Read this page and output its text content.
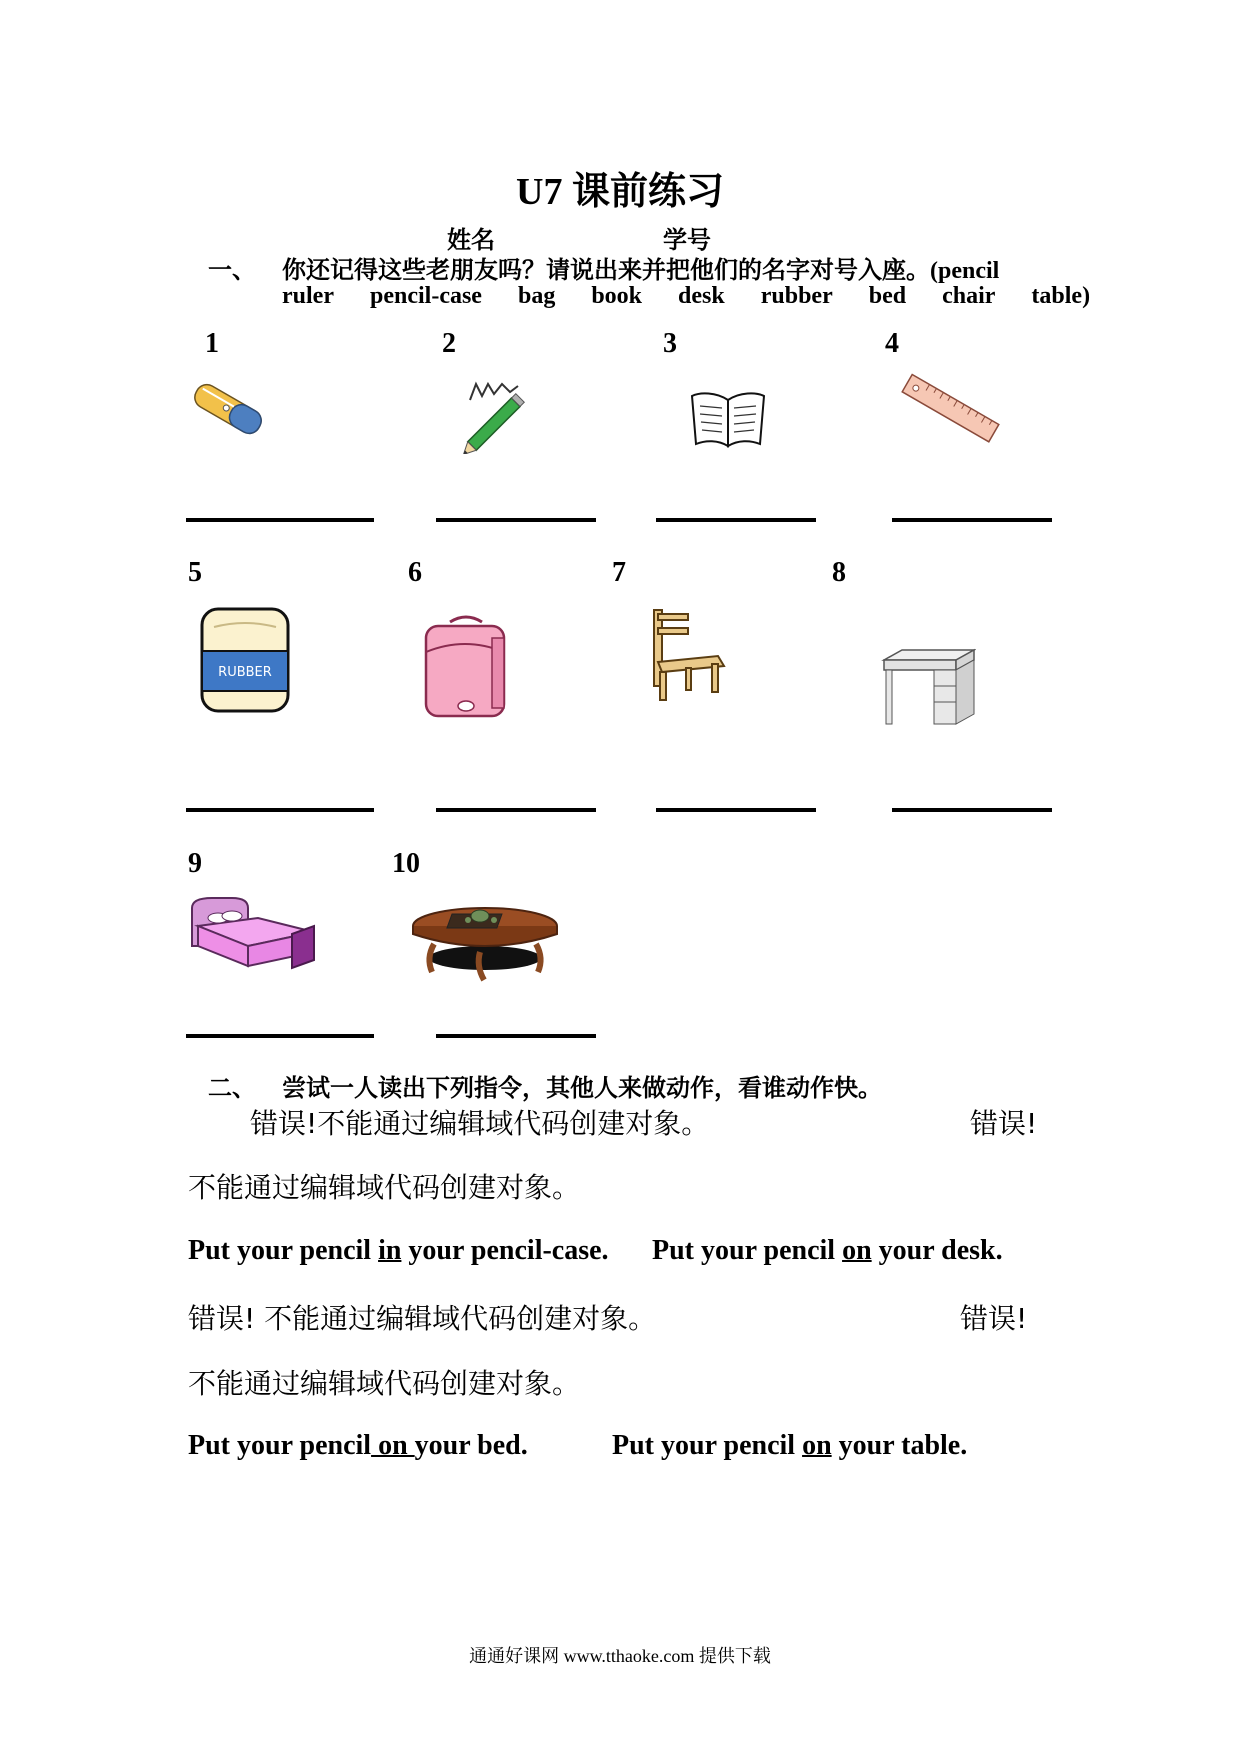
U7 课前练习
姓名	学号
一、 你还记得这些老朋友吗？请说出来并把他们的名字对号入座。(pencil
ruler pencil-case bag book desk rubber bed chair table)
1	2	3	4
5	6	7	8
RUBBER
9	10
二、 尝试一人读出下列指令，其他人来做动作，看谁动作快。
错误!不能通过编辑域代码创建对象。	错误!
不能通过编辑域代码创建对象。
Put your pencil in your pencil-case. Put your pencil on your desk.
错误! 不能通过编辑域代码创建对象。	错误!
不能通过编辑域代码创建对象。
Put your pencil on your bed.	Put your pencil on your table.
通通好课网 www.tthaoke.com 提供下载
